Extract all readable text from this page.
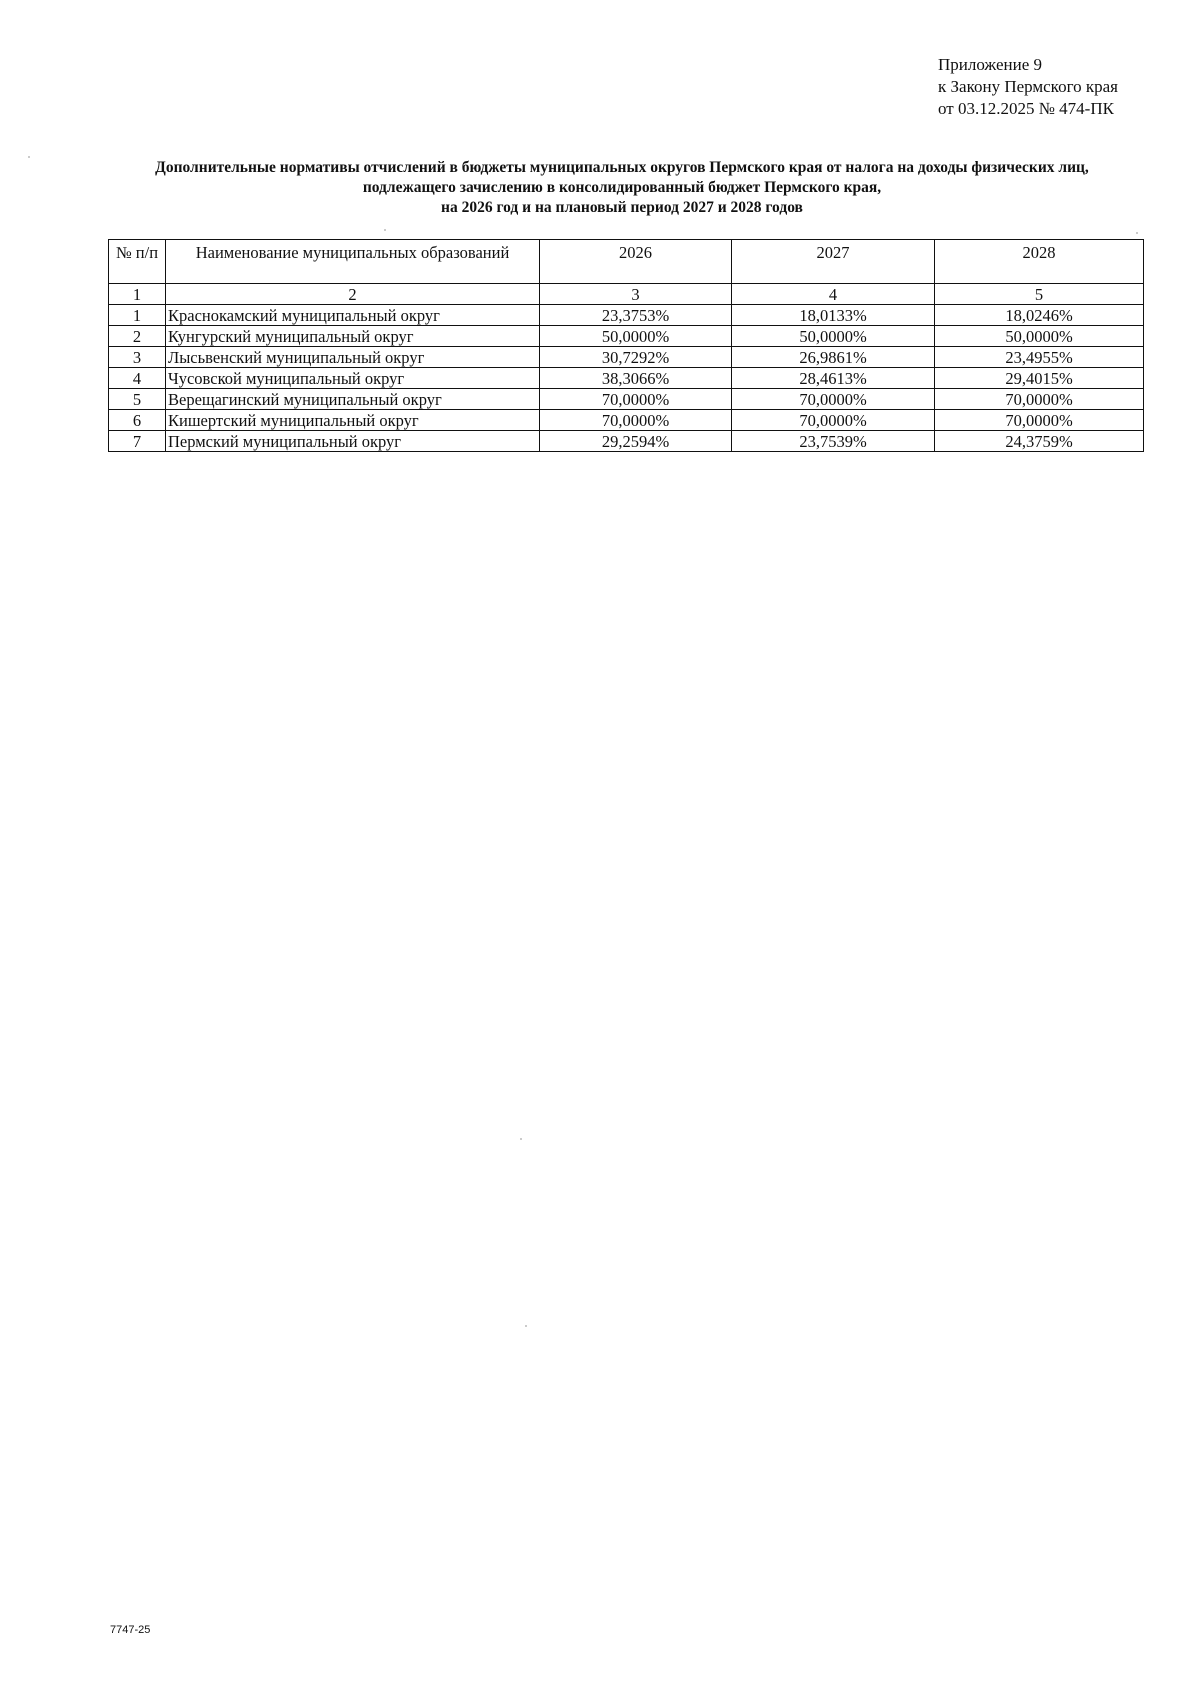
Приложение 9
к Закону Пермского края
от 03.12.2025 № 474-ПК
Дополнительные нормативы отчислений в бюджеты муниципальных округов Пермского края от налога на доходы физических лиц,
подлежащего зачислению в консолидированный бюджет Пермского края,
на 2026 год и на плановый период 2027 и 2028 годов
№ п/п	Наименование муниципальных образований	2026	2027	2028
1	2	3	4	5
1	Краснокамский муниципальный округ	23,3753%	18,0133%	18,0246%
2	Кунгурский муниципальный округ	50,0000%	50,0000%	50,0000%
3	Лысьвенский муниципальный округ	30,7292%	26,9861%	23,4955%
4	Чусовской муниципальный округ	38,3066%	28,4613%	29,4015%
5	Верещагинский муниципальный округ	70,0000%	70,0000%	70,0000%
6	Кишертский муниципальный округ	70,0000%	70,0000%	70,0000%
7	Пермский муниципальный округ	29,2594%	23,7539%	24,3759%
7747-25
